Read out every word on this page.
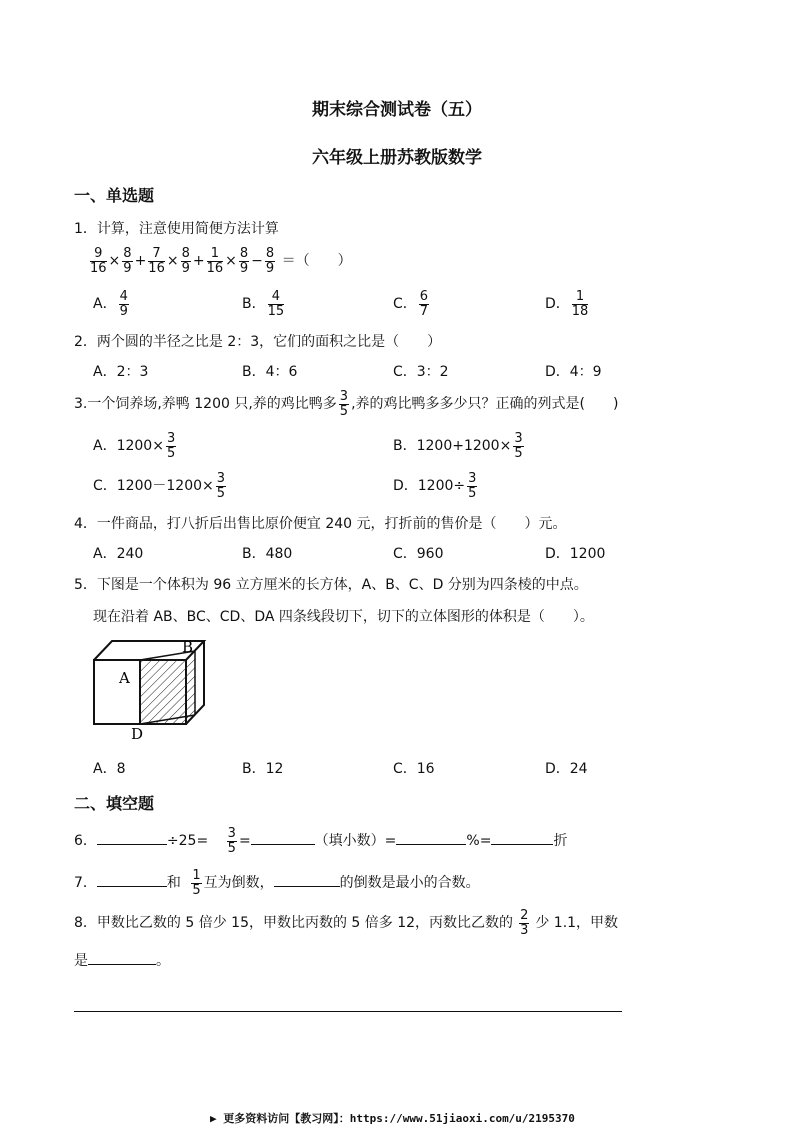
期末综合测试卷（五）
六年级上册苏教版数学
一、单选题
1．计算，注意使用简便方法计算
$\frac{9}{16} \times \frac{8}{9} + \frac{7}{16} \times \frac{8}{9} + \frac{1}{16} \times \frac{8}{9} - \frac{8}{9}$ ＝（　　）
A． $\frac{4}{9}$	B． $\frac{4}{15}$	C． $\frac{6}{7}$	D． $\frac{1}{18}$
2．两个圆的半径之比是 2：3，它们的面积之比是（　　）
A．2：3	B．4：6	C．3：2	D．4：9
3.一个饲养场,养鸭 1200 只,养的鸡比鸭多 $\frac{3}{5}$ ,养的鸡比鸭多多少只？正确的列式是(　　)
A．$1200\times \frac{3}{5}$	B．$1200+1200\times \frac{3}{5}$
C．$1200-1200\times \frac{3}{5}$	D．$1200\div \frac{3}{5}$
4．一件商品，打八折后出售比原价便宜 240 元，打折前的售价是（　　）元。
A．240	B．480	C．960	D．1200
5．下图是一个体积为 96 立方厘米的长方体，A、B、C、D 分别为四条棱的中点。
现在沿着 AB、BC、CD、DA 四条线段切下，切下的立体图形的体积是（　　）。
A
B
D
A．8	B．12	C．16	D．24
二、填空题
6．	$\div 25= \frac{3}{5}$ =	（填小数）=	%=	折
7．	和 $\frac{1}{5}$ 互为倒数，	的倒数是最小的合数。
8．甲数比乙数的 5 倍少 15，甲数比丙数的 5 倍多 12，丙数比乙数的 $\frac{2}{3}$ 少 1.1，甲数
是	。
▶ 更多资料访问【教习网】：https://www.51jiaoxi.com/u/2195370
